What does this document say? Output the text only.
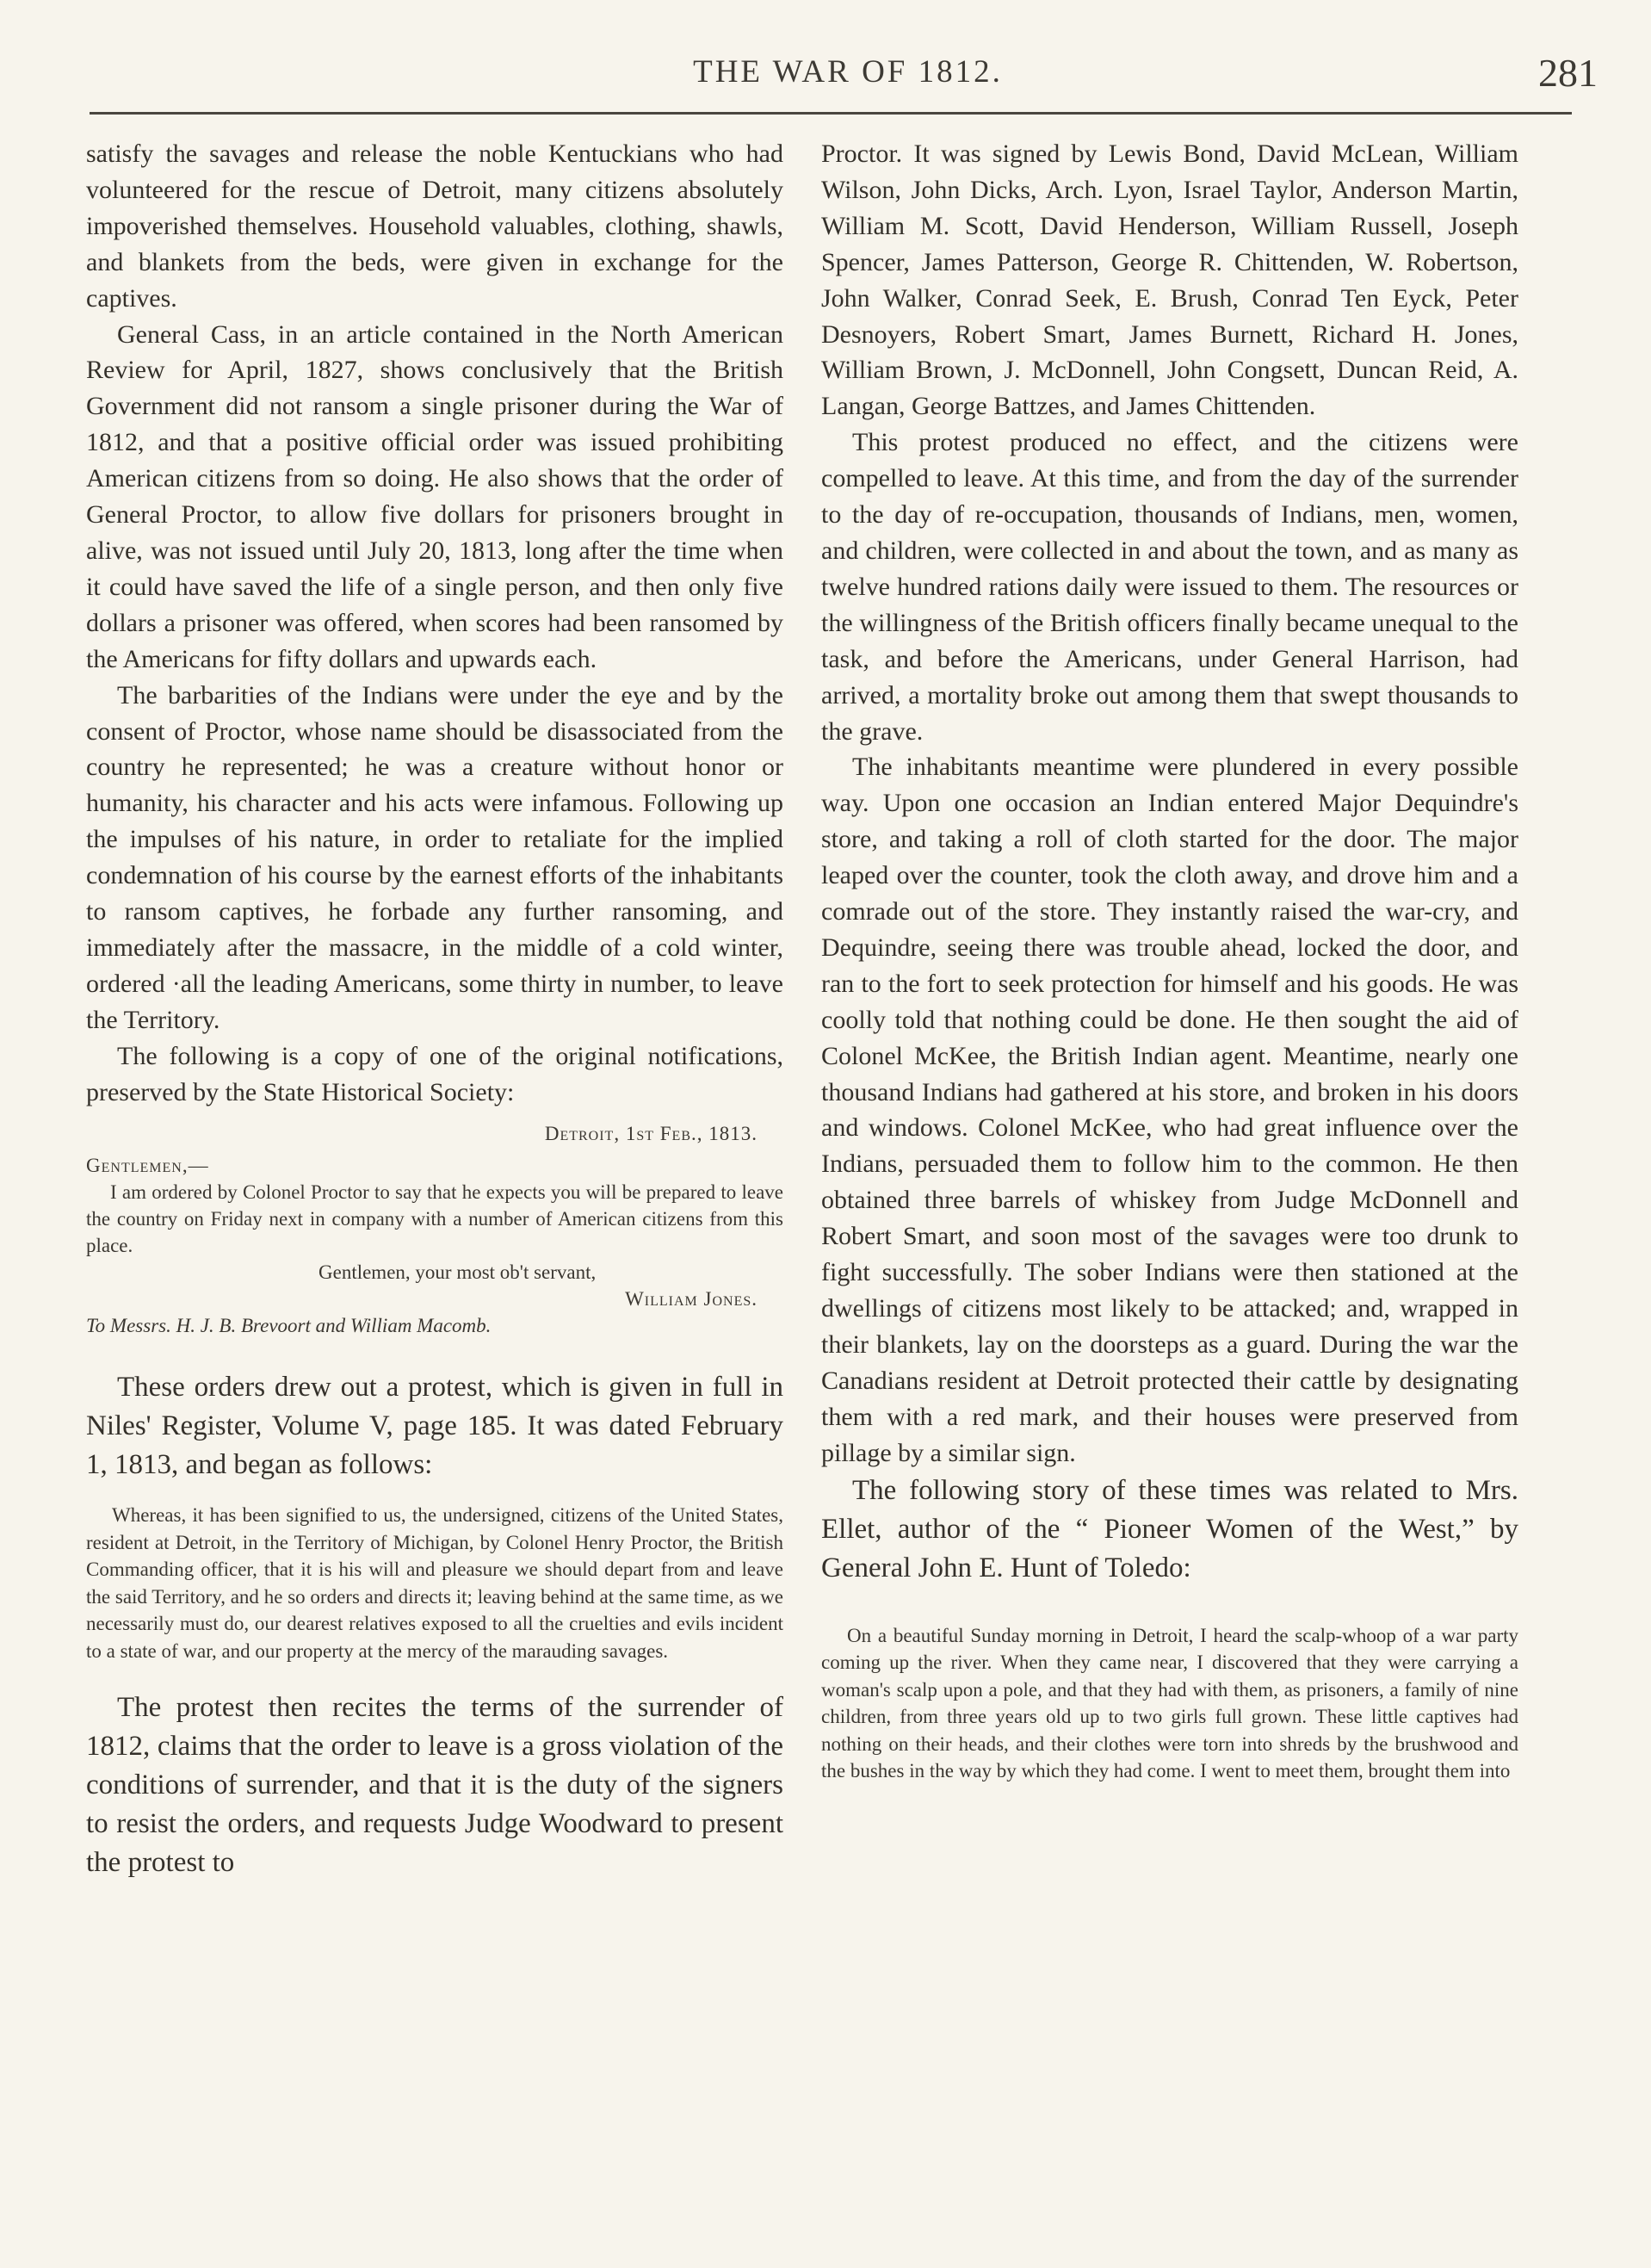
THE WAR OF 1812.	281

satisfy the savages and release the noble Kentuckians who had volunteered for the rescue of Detroit, many citizens absolutely impoverished themselves. Household valuables, clothing, shawls, and blankets from the beds, were given in exchange for the captives.

General Cass, in an article contained in the North American Review for April, 1827, shows conclusively that the British Government did not ransom a single prisoner during the War of 1812, and that a positive official order was issued prohibiting American citizens from so doing. He also shows that the order of General Proctor, to allow five dollars for prisoners brought in alive, was not issued until July 20, 1813, long after the time when it could have saved the life of a single person, and then only five dollars a prisoner was offered, when scores had been ransomed by the Americans for fifty dollars and upwards each.

The barbarities of the Indians were under the eye and by the consent of Proctor, whose name should be disassociated from the country he represented; he was a creature without honor or humanity, his character and his acts were infamous. Following up the impulses of his nature, in order to retaliate for the implied condemnation of his course by the earnest efforts of the inhabitants to ransom captives, he forbade any further ransoming, and immediately after the massacre, in the middle of a cold winter, ordered ·all the leading Americans, some thirty in number, to leave the Territory.

The following is a copy of one of the original notifications, preserved by the State Historical Society:

Detroit, 1st Feb., 1813.
Gentlemen,—
I am ordered by Colonel Proctor to say that he expects you will be prepared to leave the country on Friday next in company with a number of American citizens from this place.
Gentlemen, your most ob't servant,
William Jones.
To Messrs. H. J. B. Brevoort and William Macomb.

These orders drew out a protest, which is given in full in Niles' Register, Volume V, page 185. It was dated February 1, 1813, and began as follows:

Whereas, it has been signified to us, the undersigned, citizens of the United States, resident at Detroit, in the Territory of Michigan, by Colonel Henry Proctor, the British Commanding officer, that it is his will and pleasure we should depart from and leave the said Territory, and he so orders and directs it; leaving behind at the same time, as we necessarily must do, our dearest relatives exposed to all the cruelties and evils incident to a state of war, and our property at the mercy of the marauding savages.

The protest then recites the terms of the surrender of 1812, claims that the order to leave is a gross violation of the conditions of surrender, and that it is the duty of the signers to resist the orders, and requests Judge Woodward to present the protest to

Proctor. It was signed by Lewis Bond, David McLean, William Wilson, John Dicks, Arch. Lyon, Israel Taylor, Anderson Martin, William M. Scott, David Henderson, William Russell, Joseph Spencer, James Patterson, George R. Chittenden, W. Robertson, John Walker, Conrad Seek, E. Brush, Conrad Ten Eyck, Peter Desnoyers, Robert Smart, James Burnett, Richard H. Jones, William Brown, J. McDonnell, John Congsett, Duncan Reid, A. Langan, George Battzes, and James Chittenden.

This protest produced no effect, and the citizens were compelled to leave. At this time, and from the day of the surrender to the day of re-occupation, thousands of Indians, men, women, and children, were collected in and about the town, and as many as twelve hundred rations daily were issued to them. The resources or the willingness of the British officers finally became unequal to the task, and before the Americans, under General Harrison, had arrived, a mortality broke out among them that swept thousands to the grave.

The inhabitants meantime were plundered in every possible way. Upon one occasion an Indian entered Major Dequindre's store, and taking a roll of cloth started for the door. The major leaped over the counter, took the cloth away, and drove him and a comrade out of the store. They instantly raised the war-cry, and Dequindre, seeing there was trouble ahead, locked the door, and ran to the fort to seek protection for himself and his goods. He was coolly told that nothing could be done. He then sought the aid of Colonel McKee, the British Indian agent. Meantime, nearly one thousand Indians had gathered at his store, and broken in his doors and windows. Colonel McKee, who had great influence over the Indians, persuaded them to follow him to the common. He then obtained three barrels of whiskey from Judge McDonnell and Robert Smart, and soon most of the savages were too drunk to fight successfully. The sober Indians were then stationed at the dwellings of citizens most likely to be attacked; and, wrapped in their blankets, lay on the doorsteps as a guard. During the war the Canadians resident at Detroit protected their cattle by designating them with a red mark, and their houses were preserved from pillage by a similar sign.

The following story of these times was related to Mrs. Ellet, author of the “ Pioneer Women of the West,” by General John E. Hunt of Toledo:

On a beautiful Sunday morning in Detroit, I heard the scalp-whoop of a war party coming up the river. When they came near, I discovered that they were carrying a woman's scalp upon a pole, and that they had with them, as prisoners, a family of nine children, from three years old up to two girls full grown. These little captives had nothing on their heads, and their clothes were torn into shreds by the brushwood and the bushes in the way by which they had come. I went to meet them, brought them into
